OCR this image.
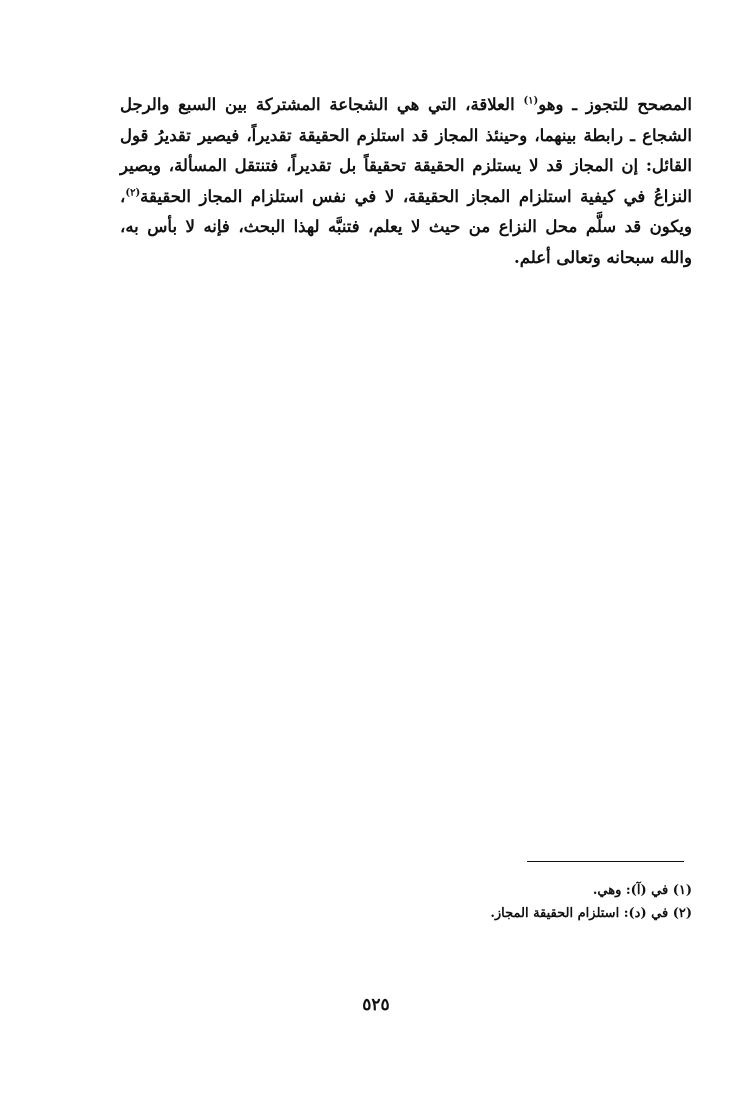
المصحح للتجوز ـ وهو$^{(١)}$ العلاقة، التي هي الشجاعة المشتركة بين السبع والرجل
الشجاع ـ رابطة بينهما، وحينئذ المجاز قد استلزم الحقيقة تقديراً، فيصير تقديرُ قول
القائل: إن المجاز قد لا يستلزم الحقيقة تحقيقاً بل تقديراً، فتنتقل المسألة، ويصير
النزاعُ في كيفية استلزام المجاز الحقيقة، لا في نفس استلزام المجاز الحقيقة$^{(٢)}$،
ويكون قد سلَّم محل النزاع من حيث لا يعلم، فتنبَّه لهذا البحث، فإنه لا بأس به،
والله سبحانه وتعالى أعلم.
(١) في (آ): وهي.
(٢) في (د): استلزام الحقيقة المجاز.
٥٢٥
